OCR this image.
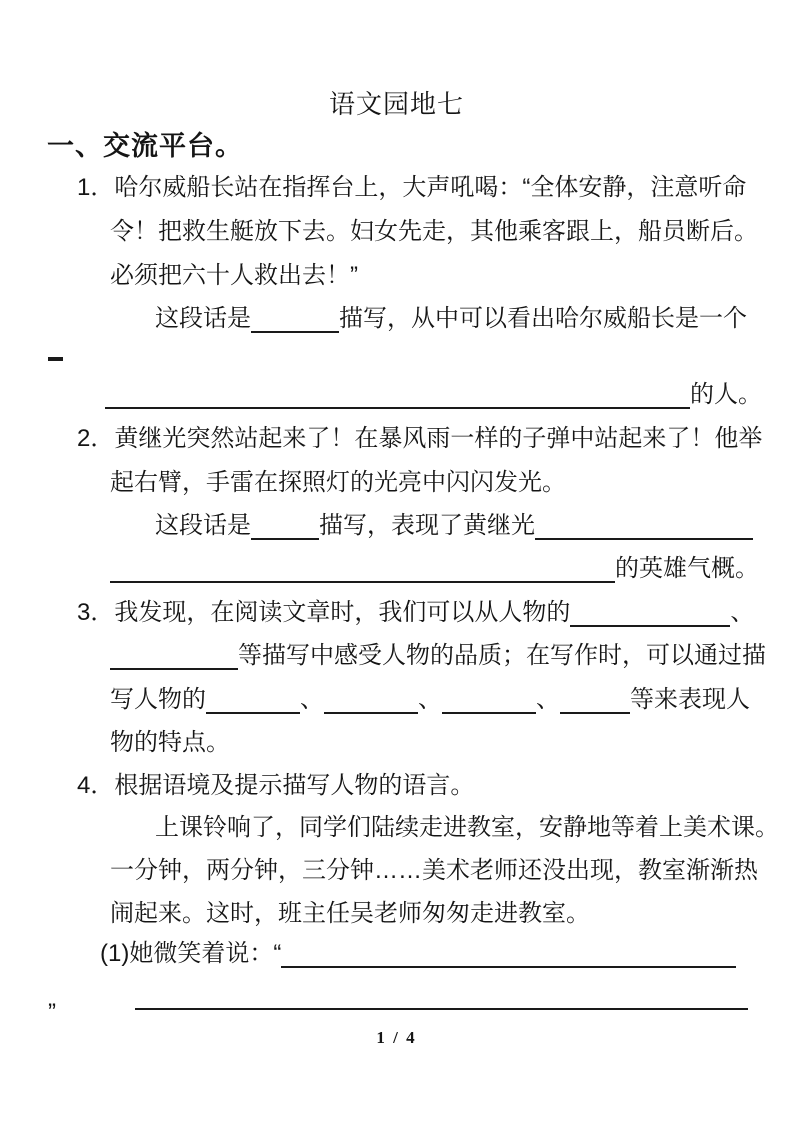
语文园地七
一、交流平台。
1．哈尔威船长站在指挥台上，大声吼喝：“全体安静，注意听命
令！把救生艇放下去。妇女先走，其他乘客跟上，船员断后。
必须把六十人救出去！”
这段话是	描写，从中可以看出哈尔威船长是一个
的人。
2．黄继光突然站起来了！在暴风雨一样的子弹中站起来了！他举
起右臂，手雷在探照灯的光亮中闪闪发光。
这段话是	描写，表现了黄继光
的英雄气概。
3．我发现，在阅读文章时，我们可以从人物的	、
等描写中感受人物的品质；在写作时，可以通过描
写人物的	、	、	、	等来表现人
物的特点。
4．根据语境及提示描写人物的语言。
上课铃响了，同学们陆续走进教室，安静地等着上美术课。
一分钟，两分钟，三分钟……美术老师还没出现，教室渐渐热
闹起来。这时，班主任吴老师匆匆走进教室。
(1)她微笑着说：“
”
1 / 4
